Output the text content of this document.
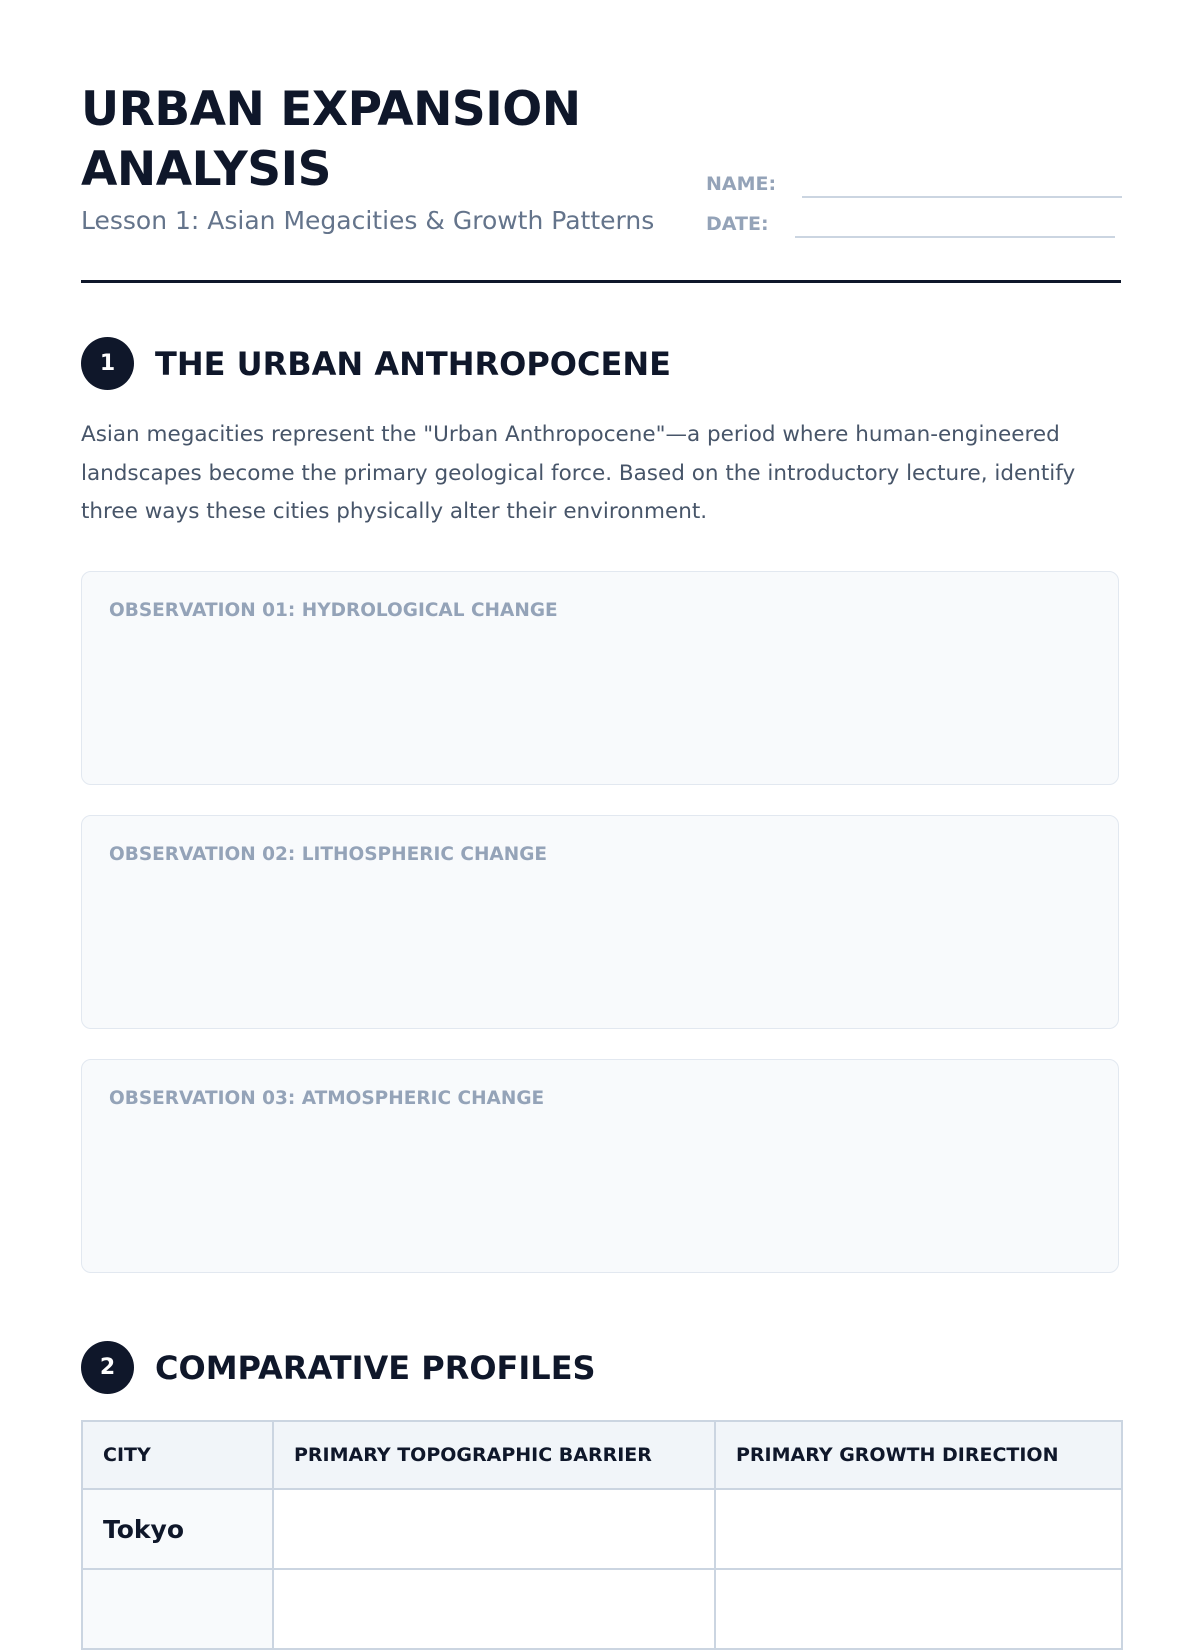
URBAN EXPANSION ANALYSIS
Lesson 1: Asian Megacities & Growth Patterns
NAME:
DATE:
1	THE URBAN ANTHROPOCENE

Asian megacities represent the "Urban Anthropocene"—a period where human-engineered landscapes become the primary geological force. Based on the introductory lecture, identify three ways these cities physically alter their environment.

OBSERVATION 01: HYDROLOGICAL CHANGE
OBSERVATION 02: LITHOSPHERIC CHANGE
OBSERVATION 03: ATMOSPHERIC CHANGE
2	COMPARATIVE PROFILES
CITY	PRIMARY TOPOGRAPHIC BARRIER	PRIMARY GROWTH DIRECTION
Tokyo		
